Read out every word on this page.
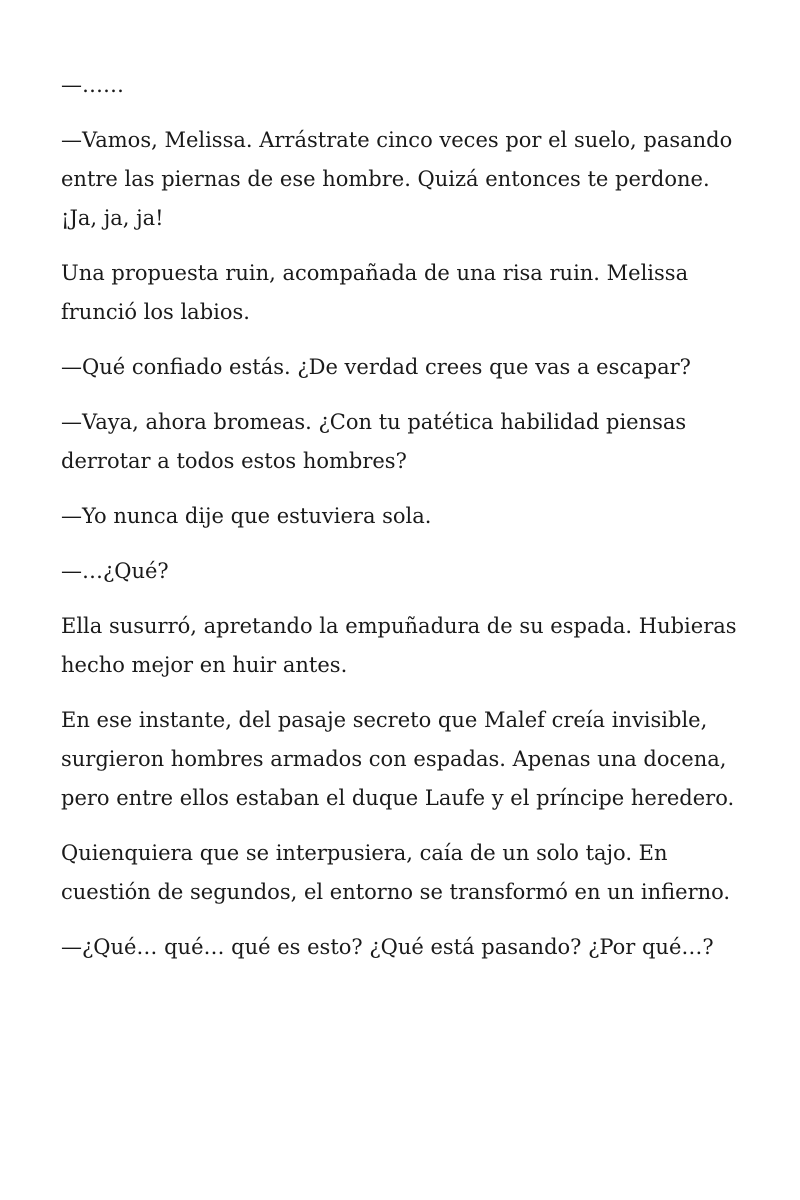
—……

—Vamos, Melissa. Arrástrate cinco veces por el suelo, pasando entre las piernas de ese hombre. Quizá entonces te perdone. ¡Ja, ja, ja!

Una propuesta ruin, acompañada de una risa ruin. Melissa frunció los labios.

—Qué confiado estás. ¿De verdad crees que vas a escapar?

—Vaya, ahora bromeas. ¿Con tu patética habilidad piensas derrotar a todos estos hombres?

—Yo nunca dije que estuviera sola.

—…¿Qué?

Ella susurró, apretando la empuñadura de su espada. Hubieras hecho mejor en huir antes.

En ese instante, del pasaje secreto que Malef creía invisible, surgieron hombres armados con espadas. Apenas una docena, pero entre ellos estaban el duque Laufe y el príncipe heredero.

Quienquiera que se interpusiera, caía de un solo tajo. En cuestión de segundos, el entorno se transformó en un infierno.

—¿Qué… qué… qué es esto? ¿Qué está pasando? ¿Por qué…?
